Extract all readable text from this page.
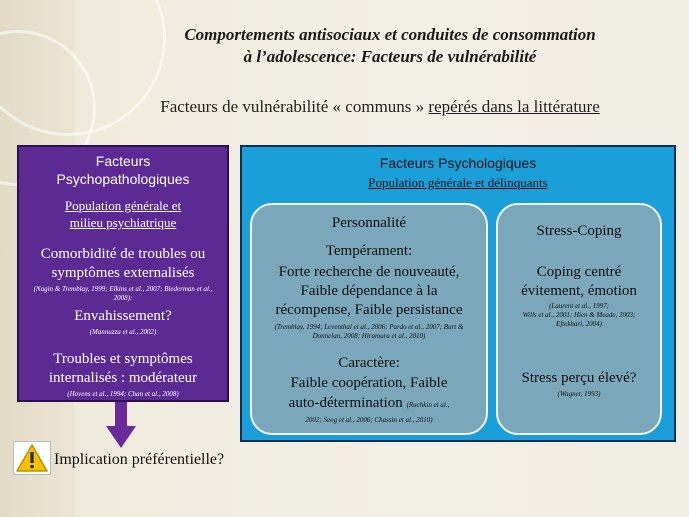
Comportements antisociaux et conduites de consommation
à l’adolescence: Facteurs de vulnérabilité
Facteurs de vulnérabilité « communs » repérés dans la littérature
Facteurs
Psychopathologiques
Population générale et
milieu psychiatrique
Comorbidité de troubles ou
symptômes externalisés
(Nagin & Tremblay, 1999; Elkins et al., 2007; Biederman et al.,
2008):
Envahissement?
(Mannuzza et al., 2002)
Troubles et symptômes
internalisés : modérateur
(Hovens et al., 1994; Chan et al., 2008)
Facteurs Psychologiques
Population générale et délinquants
Personnalité
Tempérament:
Forte recherche de nouveauté,
Faible dépendance à la
récompense, Faible persistance
(Tremblay, 1994; Leventhal et al., 2006; Pardo et al., 2007; Burt &
Donnelan, 2008; Hiramura et al., 2010)
Caractère:
Faible coopération, Faible
auto-détermination (Ruchkin et al.,
2002; Seog et al., 2006; Chassin et al., 2010)
Stress-Coping
Coping centré
évitement, émotion
(Laurent et al., 1997;
Wills et al., 2001; Hien & Meade, 2003;
Eftekhari, 2004)
Stress perçu élevé?
(Wagner, 1993)
Implication préférentielle?
